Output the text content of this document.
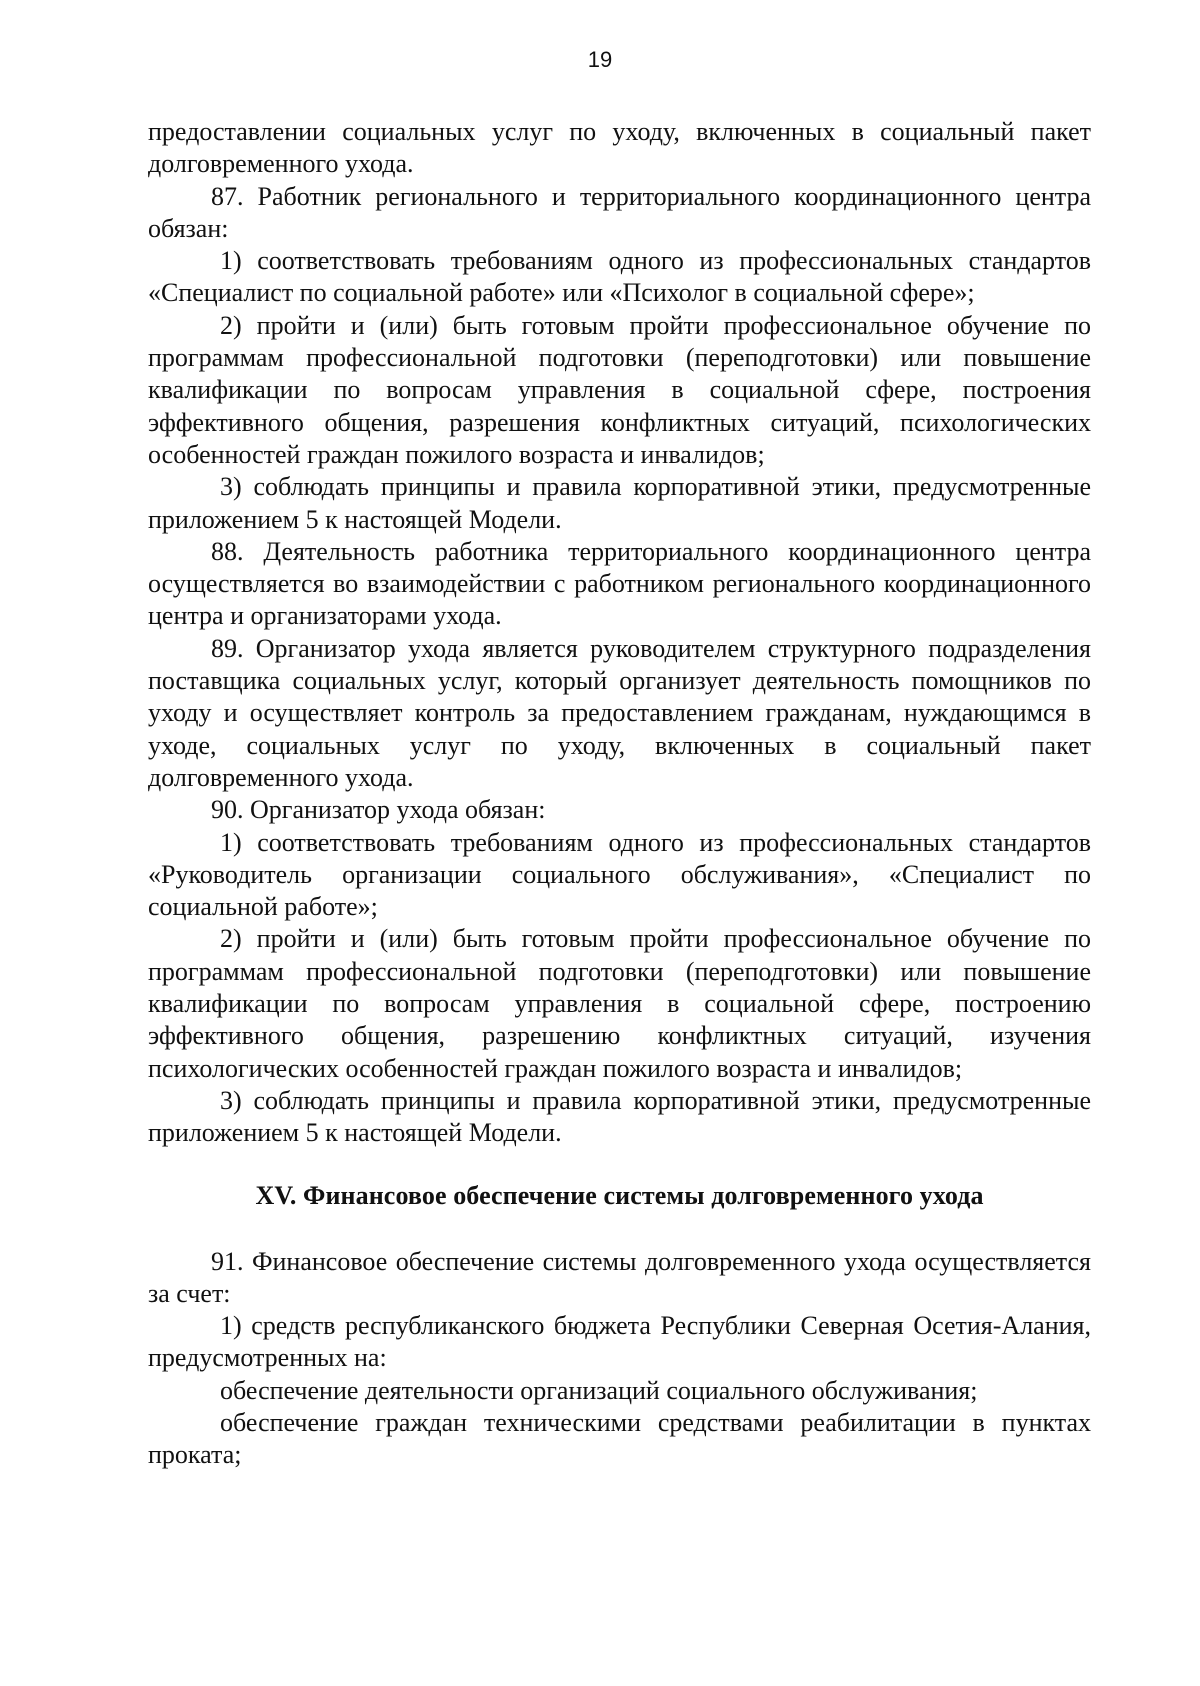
19

предоставлении социальных услуг по уходу, включенных в социальный пакет долговременного ухода.

87. Работник регионального и территориального координационного центра обязан:

1) соответствовать требованиям одного из профессиональных стандартов «Специалист по социальной работе» или «Психолог в социальной сфере»;

2) пройти и (или) быть готовым пройти профессиональное обучение по программам профессиональной подготовки (переподготовки) или повышение квалификации по вопросам управления в социальной сфере, построения эффективного общения, разрешения конфликтных ситуаций, психологических особенностей граждан пожилого возраста и инвалидов;

3) соблюдать принципы и правила корпоративной этики, предусмотренные приложением 5 к настоящей Модели.

88. Деятельность работника территориального координационного центра осуществляется во взаимодействии с работником регионального координационного центра и организаторами ухода.

89. Организатор ухода является руководителем структурного подразделения поставщика социальных услуг, который организует деятельность помощников по уходу и осуществляет контроль за предоставлением гражданам, нуждающимся в уходе, социальных услуг по уходу, включенных в социальный пакет долговременного ухода.

90. Организатор ухода обязан:

1) соответствовать требованиям одного из профессиональных стандартов «Руководитель организации социального обслуживания», «Специалист по социальной работе»;

2) пройти и (или) быть готовым пройти профессиональное обучение по программам профессиональной подготовки (переподготовки) или повышение квалификации по вопросам управления в социальной сфере, построению эффективного общения, разрешению конфликтных ситуаций, изучения психологических особенностей граждан пожилого возраста и инвалидов;

3) соблюдать принципы и правила корпоративной этики, предусмотренные приложением 5 к настоящей Модели.

XV. Финансовое обеспечение системы долговременного ухода

91. Финансовое обеспечение системы долговременного ухода осуществляется за счет:

1) средств республиканского бюджета Республики Северная Осетия-Алания, предусмотренных на:

обеспечение деятельности организаций социального обслуживания;

обеспечение граждан техническими средствами реабилитации в пунктах проката;
